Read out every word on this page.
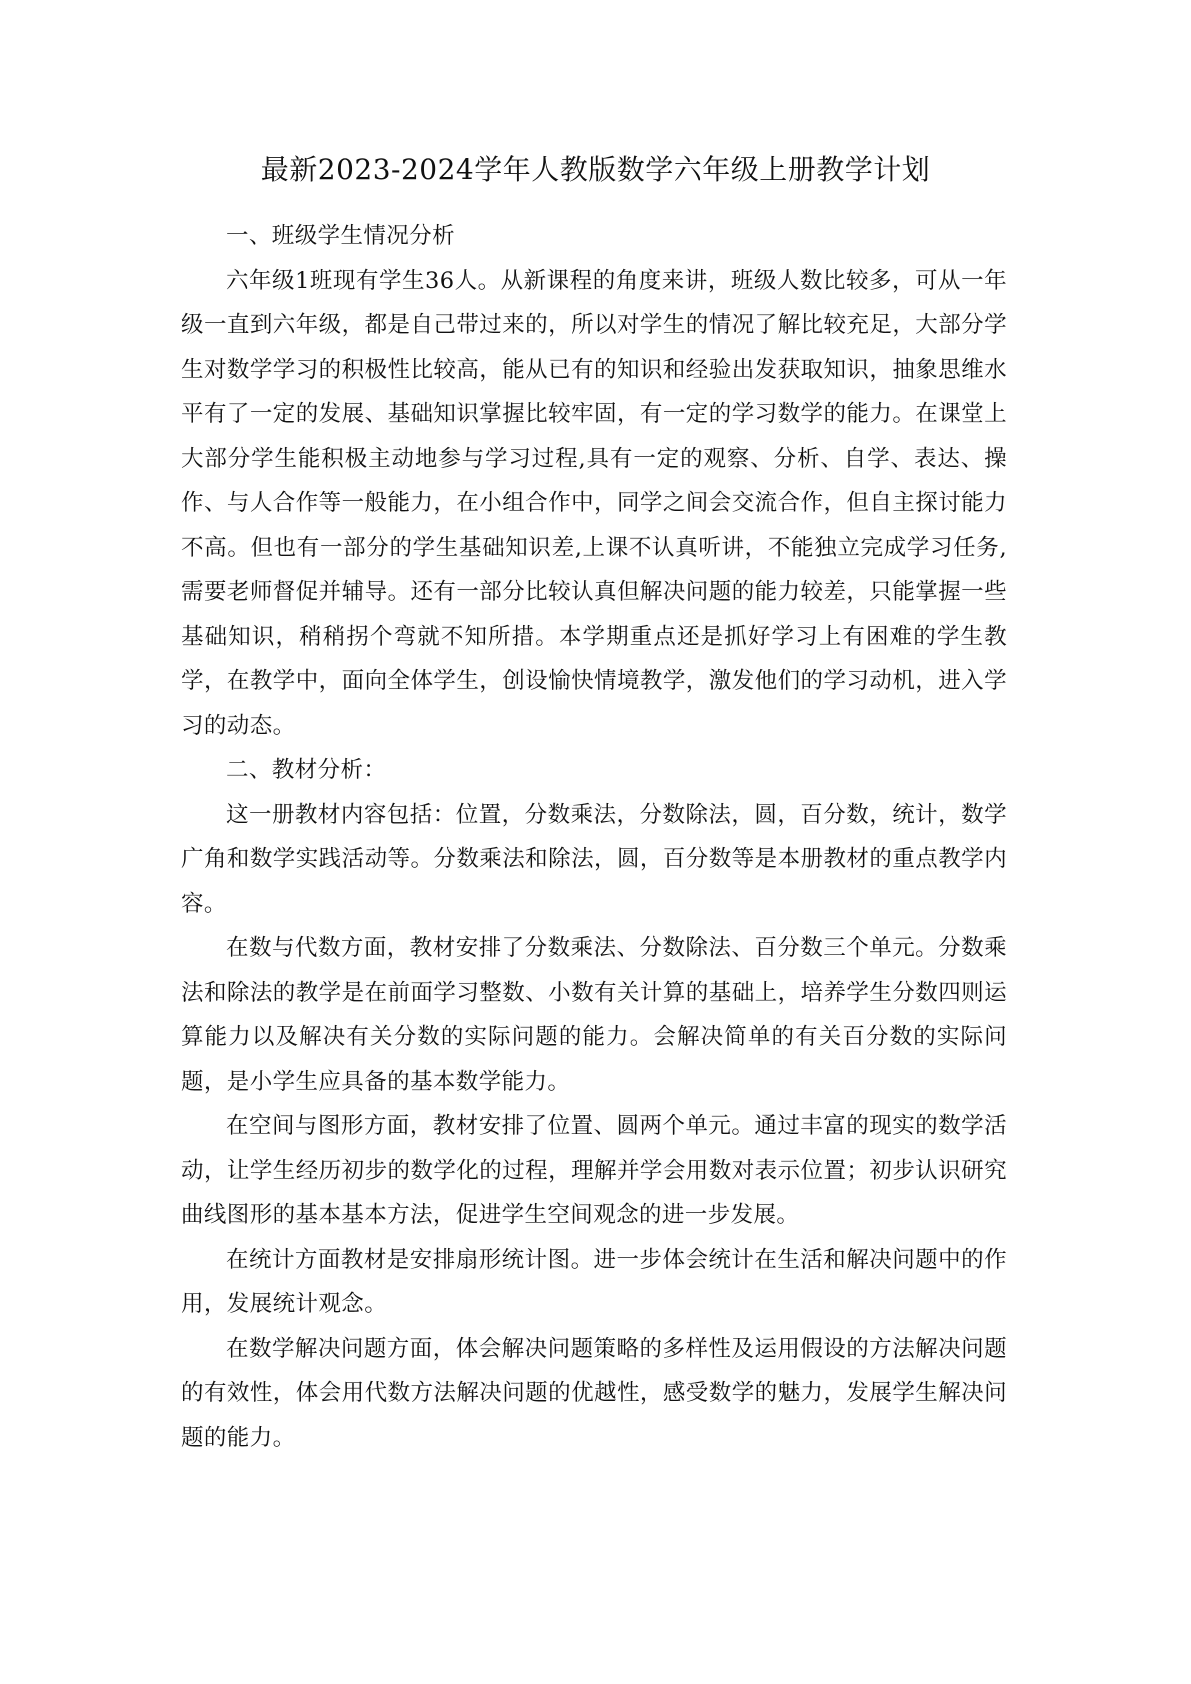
最新2023-2024学年人教版数学六年级上册教学计划

一、班级学生情况分析

六年级1班现有学生36人。从新课程的角度来讲，班级人数比较多，可从一年级一直到六年级，都是自己带过来的，所以对学生的情况了解比较充足，大部分学生对数学学习的积极性比较高，能从已有的知识和经验出发获取知识，抽象思维水平有了一定的发展、基础知识掌握比较牢固，有一定的学习数学的能力。在课堂上大部分学生能积极主动地参与学习过程,具有一定的观察、分析、自学、表达、操作、与人合作等一般能力，在小组合作中，同学之间会交流合作，但自主探讨能力不高。但也有一部分的学生基础知识差,上课不认真听讲，不能独立完成学习任务,需要老师督促并辅导。还有一部分比较认真但解决问题的能力较差，只能掌握一些基础知识，稍稍拐个弯就不知所措。本学期重点还是抓好学习上有困难的学生教学，在教学中，面向全体学生，创设愉快情境教学，激发他们的学习动机，进入学习的动态。

二、教材分析：

这一册教材内容包括：位置，分数乘法，分数除法，圆，百分数，统计，数学广角和数学实践活动等。分数乘法和除法，圆，百分数等是本册教材的重点教学内容。

在数与代数方面，教材安排了分数乘法、分数除法、百分数三个单元。分数乘法和除法的教学是在前面学习整数、小数有关计算的基础上，培养学生分数四则运算能力以及解决有关分数的实际问题的能力。会解决简单的有关百分数的实际问题，是小学生应具备的基本数学能力。

在空间与图形方面，教材安排了位置、圆两个单元。通过丰富的现实的数学活动，让学生经历初步的数学化的过程，理解并学会用数对表示位置；初步认识研究曲线图形的基本基本方法，促进学生空间观念的进一步发展。

在统计方面教材是安排扇形统计图。进一步体会统计在生活和解决问题中的作用，发展统计观念。

在数学解决问题方面，体会解决问题策略的多样性及运用假设的方法解决问题的有效性，体会用代数方法解决问题的优越性，感受数学的魅力，发展学生解决问题的能力。
